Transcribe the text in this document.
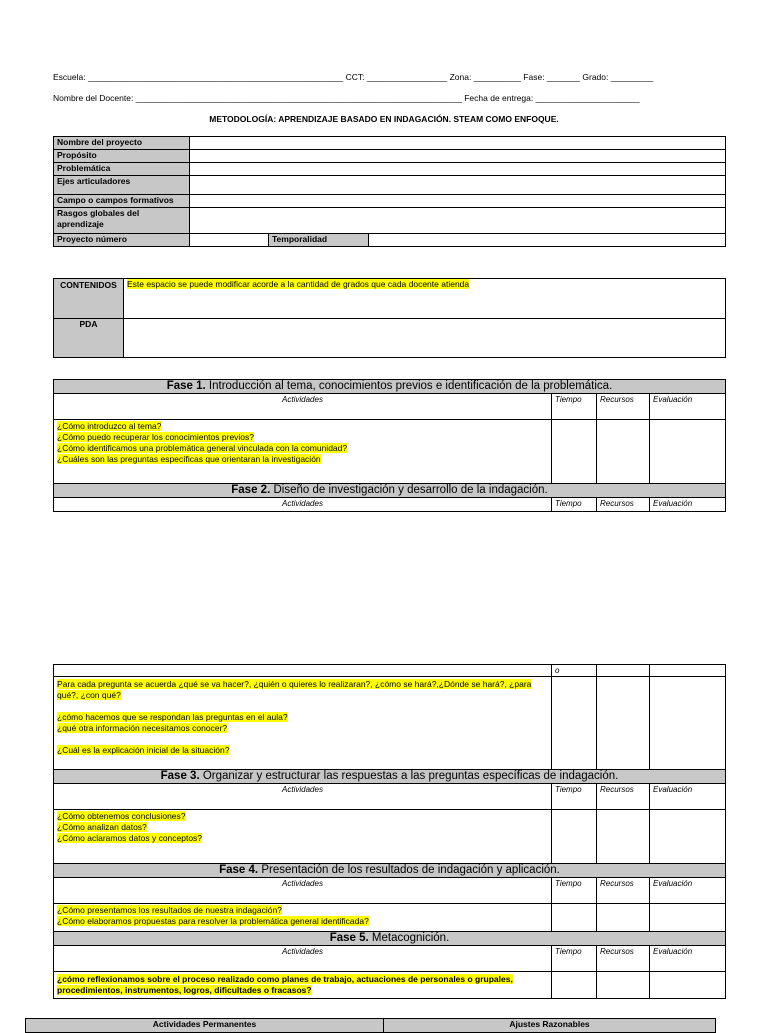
Escuela: ______________________________________________________ CCT: _________________ Zona: __________ Fase: _______ Grado: _________
Nombre del Docente: _____________________________________________________________________ Fecha de entrega: ______________________
METODOLOGÍA: APRENDIZAJE BASADO EN INDAGACIÓN. STEAM COMO ENFOQUE.
Nombre del proyecto			
Propósito			
Problemática			
Ejes articuladores			
Campo o campos formativos			
Rasgos globales del aprendizaje			
Proyecto número		Temporalidad	
CONTENIDOS	Este espacio se puede modificar acorde a la cantidad de grados que cada docente atienda
PDA	
Fase 1. Introducción al tema, conocimientos previos e identificación de la problemática.			
Actividades	Tiempo	Recursos	Evaluación
¿Cómo introduzco al tema?
¿Cómo puedo recuperar los conocimientos previos?
¿Cómo identificamos una problemática general vinculada con la comunidad?
¿Cuáles son las preguntas específicas que orientaran la investigación			
Fase 2. Diseño de investigación y desarrollo de la indagación.			
Actividades	Tiempo	Recursos	Evaluación
	o		
Para cada pregunta se acuerda ¿qué se va hacer?, ¿quién o quieres lo realizaran?, ¿cómo se hará?,¿Dónde se hará?, ¿para qué?, ¿con qué?

¿cómo hacemos que se respondan las preguntas en el aula?
¿qué otra información necesitamos conocer?

¿Cuál es la explicación inicial de la situación?			
Fase 3. Organizar y estructurar las respuestas a las preguntas específicas de indagación.			
Actividades	Tiempo	Recursos	Evaluación
¿Cómo obtenemos conclusiones?
¿Cómo analizan datos?
¿Cómo aclaramos datos y conceptos?			
Fase 4. Presentación de los resultados de indagación y aplicación.			
Actividades	Tiempo	Recursos	Evaluación
¿Cómo presentamos los resultados de nuestra indagación?
¿Cómo elaboramos propuestas para resolver la problemática general identificada?			
Fase 5. Metacognición.			
Actividades	Tiempo	Recursos	Evaluación
¿cómo reflexionamos sobre el proceso realizado como planes de trabajo, actuaciones de personales o grupales, procedimientos, instrumentos, logros, dificultades o fracasos?			
Actividades Permanentes	Ajustes Razonables
